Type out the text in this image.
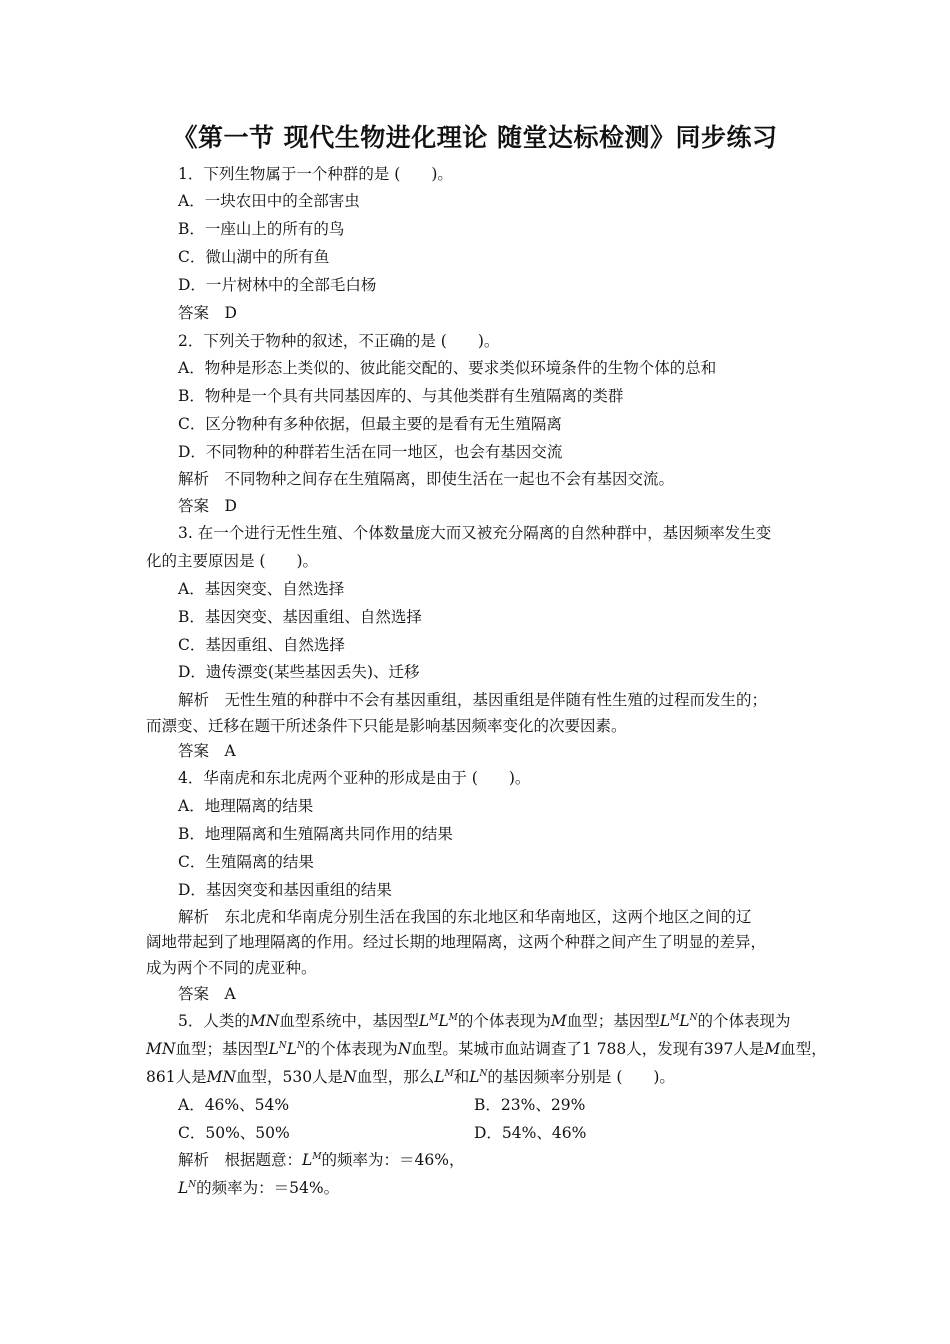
《第一节 现代生物进化理论 随堂达标检测》同步练习
1．下列生物属于一个种群的是 (　　)。
A．一块农田中的全部害虫
B．一座山上的所有的鸟
C．微山湖中的所有鱼
D．一片树林中的全部毛白杨
答案　D
2．下列关于物种的叙述，不正确的是 (　　)。
A．物种是形态上类似的、彼此能交配的、要求类似环境条件的生物个体的总和
B．物种是一个具有共同基因库的、与其他类群有生殖隔离的类群
C．区分物种有多种依据，但最主要的是看有无生殖隔离
D．不同物种的种群若生活在同一地区，也会有基因交流
解析　不同物种之间存在生殖隔离，即使生活在一起也不会有基因交流。
答案　D
3. 在一个进行无性生殖、个体数量庞大而又被充分隔离的自然种群中，基因频率发生变
化的主要原因是 (　　)。
A．基因突变、自然选择
B．基因突变、基因重组、自然选择
C．基因重组、自然选择
D．遗传漂变(某些基因丢失)、迁移
解析　无性生殖的种群中不会有基因重组，基因重组是伴随有性生殖的过程而发生的；
而漂变、迁移在题干所述条件下只能是影响基因频率变化的次要因素。
答案　A
4．华南虎和东北虎两个亚种的形成是由于 (　　)。
A．地理隔离的结果
B．地理隔离和生殖隔离共同作用的结果
C．生殖隔离的结果
D．基因突变和基因重组的结果
解析　东北虎和华南虎分别生活在我国的东北地区和华南地区，这两个地区之间的辽
阔地带起到了地理隔离的作用。经过长期的地理隔离，这两个种群之间产生了明显的差异，
成为两个不同的虎亚种。
答案　A
5．人类的MN血型系统中，基因型$L^ML^M$的个体表现为M血型；基因型$L^ML^N$的个体表现为
MN血型；基因型$L^NL^N$的个体表现为N血型。某城市血站调查了1 788人，发现有397人是M血型，
861人是MN血型，530人是N血型，那么$L^M$和$L^N$的基因频率分别是 (　　)。
A．46%、54%	B．23%、29%
C．50%、50%	D．54%、46%
解析　根据题意：$L^M$的频率为：＝46%，
$L^N$的频率为：＝54%。
